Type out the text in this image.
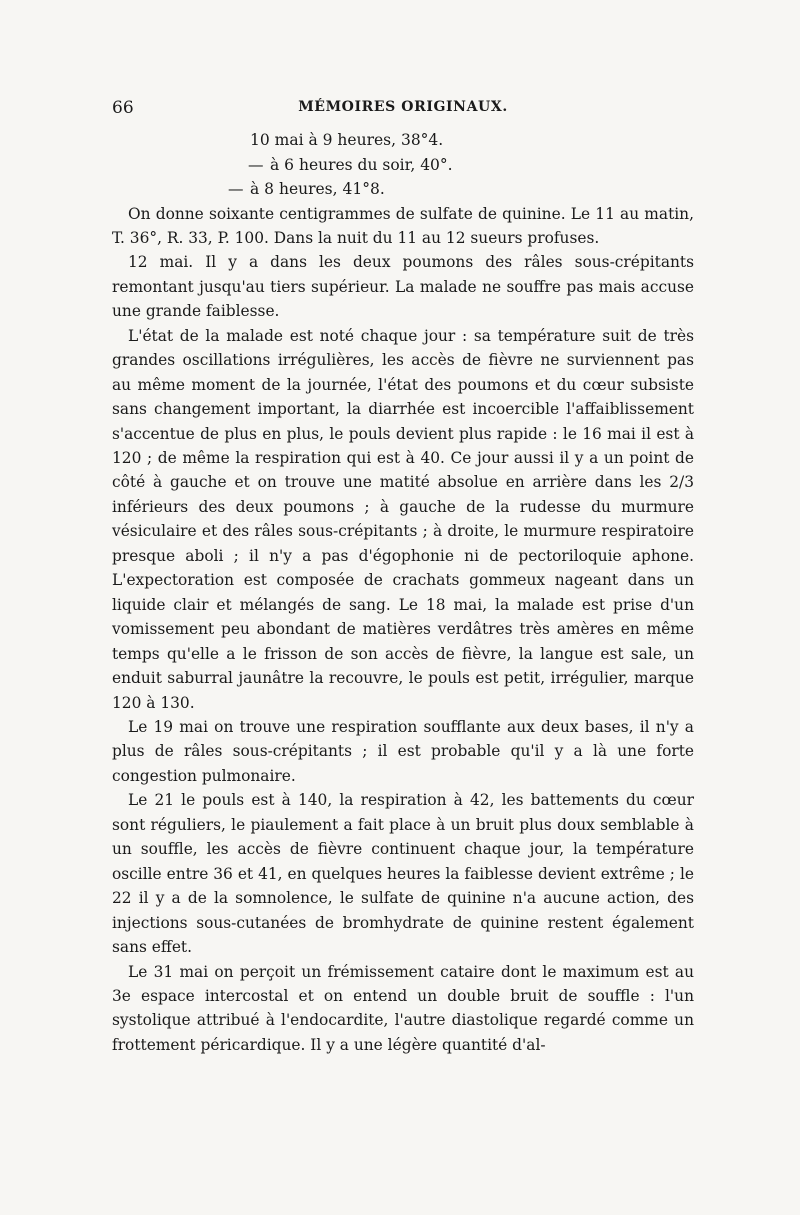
66	MÉMOIRES ORIGINAUX.
10 mai à 9 heures, 38°4.
— à 6 heures du soir, 40°.
— à 8 heures, 41°8.

On donne soixante centigrammes de sulfate de quinine. Le 11 au matin, T. 36°, R. 33, P. 100. Dans la nuit du 11 au 12 sueurs profuses.

12 mai. Il y a dans les deux poumons des râles sous-crépitants remontant jusqu'au tiers supérieur. La malade ne souffre pas mais accuse une grande faiblesse.

L'état de la malade est noté chaque jour : sa température suit de très grandes oscillations irrégulières, les accès de fièvre ne surviennent pas au même moment de la journée, l'état des poumons et du cœur subsiste sans changement important, la diarrhée est incoercible l'affaiblissement s'accentue de plus en plus, le pouls devient plus rapide : le 16 mai il est à 120 ; de même la respiration qui est à 40. Ce jour aussi il y a un point de côté à gauche et on trouve une matité absolue en arrière dans les 2/3 inférieurs des deux poumons ; à gauche de la rudesse du murmure vésiculaire et des râles sous-crépitants ; à droite, le murmure respiratoire presque aboli ; il n'y a pas d'égophonie ni de pectoriloquie aphone. L'expectoration est composée de crachats gommeux nageant dans un liquide clair et mélangés de sang. Le 18 mai, la malade est prise d'un vomissement peu abondant de matières verdâtres très amères en même temps qu'elle a le frisson de son accès de fièvre, la langue est sale, un enduit saburral jaunâtre la recouvre, le pouls est petit, irrégulier, marque 120 à 130.

Le 19 mai on trouve une respiration soufflante aux deux bases, il n'y a plus de râles sous-crépitants ; il est probable qu'il y a là une forte congestion pulmonaire.

Le 21 le pouls est à 140, la respiration à 42, les battements du cœur sont réguliers, le piaulement a fait place à un bruit plus doux semblable à un souffle, les accès de fièvre continuent chaque jour, la température oscille entre 36 et 41, en quelques heures la faiblesse devient extrême ; le 22 il y a de la somnolence, le sulfate de quinine n'a aucune action, des injections sous-cutanées de bromhydrate de quinine restent également sans effet.

Le 31 mai on perçoit un frémissement cataire dont le maximum est au 3e espace intercostal et on entend un double bruit de souffle : l'un systolique attribué à l'endocardite, l'autre diastolique regardé comme un frottement péricardique. Il y a une légère quantité d'al-
